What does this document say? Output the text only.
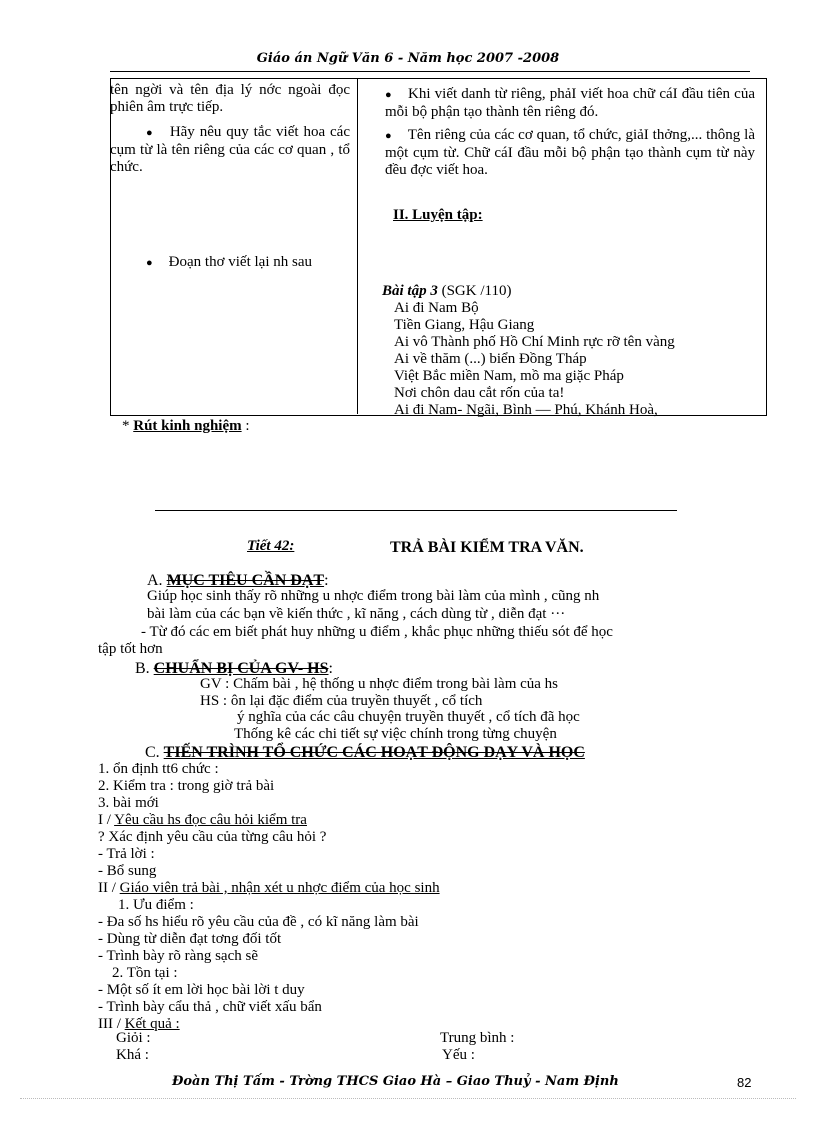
Giáo án Ngữ Văn 6 - Năm học 2007 -2008
tên ngời và tên địa lý nớc ngoài đọc phiên âm trực tiếp.
● Hãy nêu quy tắc viết hoa các cụm từ là tên riêng của các cơ quan , tổ chức.
● Đoạn thơ viết lại nh sau
● Khi viết danh từ riêng, phảI viết hoa chữ cáI đầu tiên của mỗi bộ phận tạo thành tên riêng đó.
● Tên riêng của các cơ quan, tổ chức, giảI thởng,... thông là một cụm từ. Chữ cáI đầu mỗi bộ phận tạo thành cụm từ này đều đợc viết hoa.
II. Luyện tập:
Bài tập 3 (SGK /110)
Ai đi Nam Bộ
Tiền Giang, Hậu Giang
Ai vô Thành phố Hồ Chí Minh rực rỡ tên vàng
Ai về thăm (...) biển Đồng Tháp
Việt Bắc miền Nam, mồ ma giặc Pháp
Nơi chôn dau cắt rốn của ta!
Ai đi Nam- Ngãi, Bình — Phú, Khánh Hoà,
* Rút kinh nghiệm :
Tiết 42:	TRẢ BÀI KIỂM TRA VĂN.
A. MỤC TIÊU CẦN ĐẠT:
Giúp học sinh thấy rõ những u nhợc điểm trong bài làm của mình , cũng nh
bài làm của các bạn về kiến thức , kĩ năng , cách dùng từ , diễn đạt ···
- Từ đó các em biết phát huy những u điểm , khắc phục những thiếu sót để học
tập tốt hơn
B. CHUẨN BỊ CỦA GV- HS:
GV : Chấm bài , hệ thống u nhợc điểm trong bài làm của hs
HS : ôn lại đặc điểm của truyền thuyết , cổ tích
ý nghĩa của các câu chuyện truyền thuyết , cổ tích đã học
Thống kê các chi tiết sự việc chính trong từng chuyện
C. TIẾN TRÌNH TỔ CHỨC CÁC HOẠT ĐỘNG DẠY VÀ HỌC
1. ổn định tt6 chức :
2. Kiểm tra : trong giờ trả bài
3. bài mới
I / Yêu cầu hs đọc câu hỏi kiểm tra
? Xác định yêu cầu của từng câu hỏi ?
- Trả lời :
- Bổ sung
II / Giáo viên trả bài , nhận xét u nhợc điểm của học sinh
1. Ưu điểm :
- Đa số hs hiểu rõ yêu cầu của đề , có kĩ năng làm bài
- Dùng từ diễn đạt tơng đối tốt
- Trình bày rõ ràng sạch sẽ
2. Tồn tại :
- Một số ít em lời học bài lời t duy
- Trình bày cẩu thả , chữ viết xấu bẩn
III / Kết quả :
Giỏi :	Trung bình :
Khá :	Yếu :
Đoàn Thị Tấm - Trờng THCS Giao Hà – Giao Thuỷ - Nam Định	82
